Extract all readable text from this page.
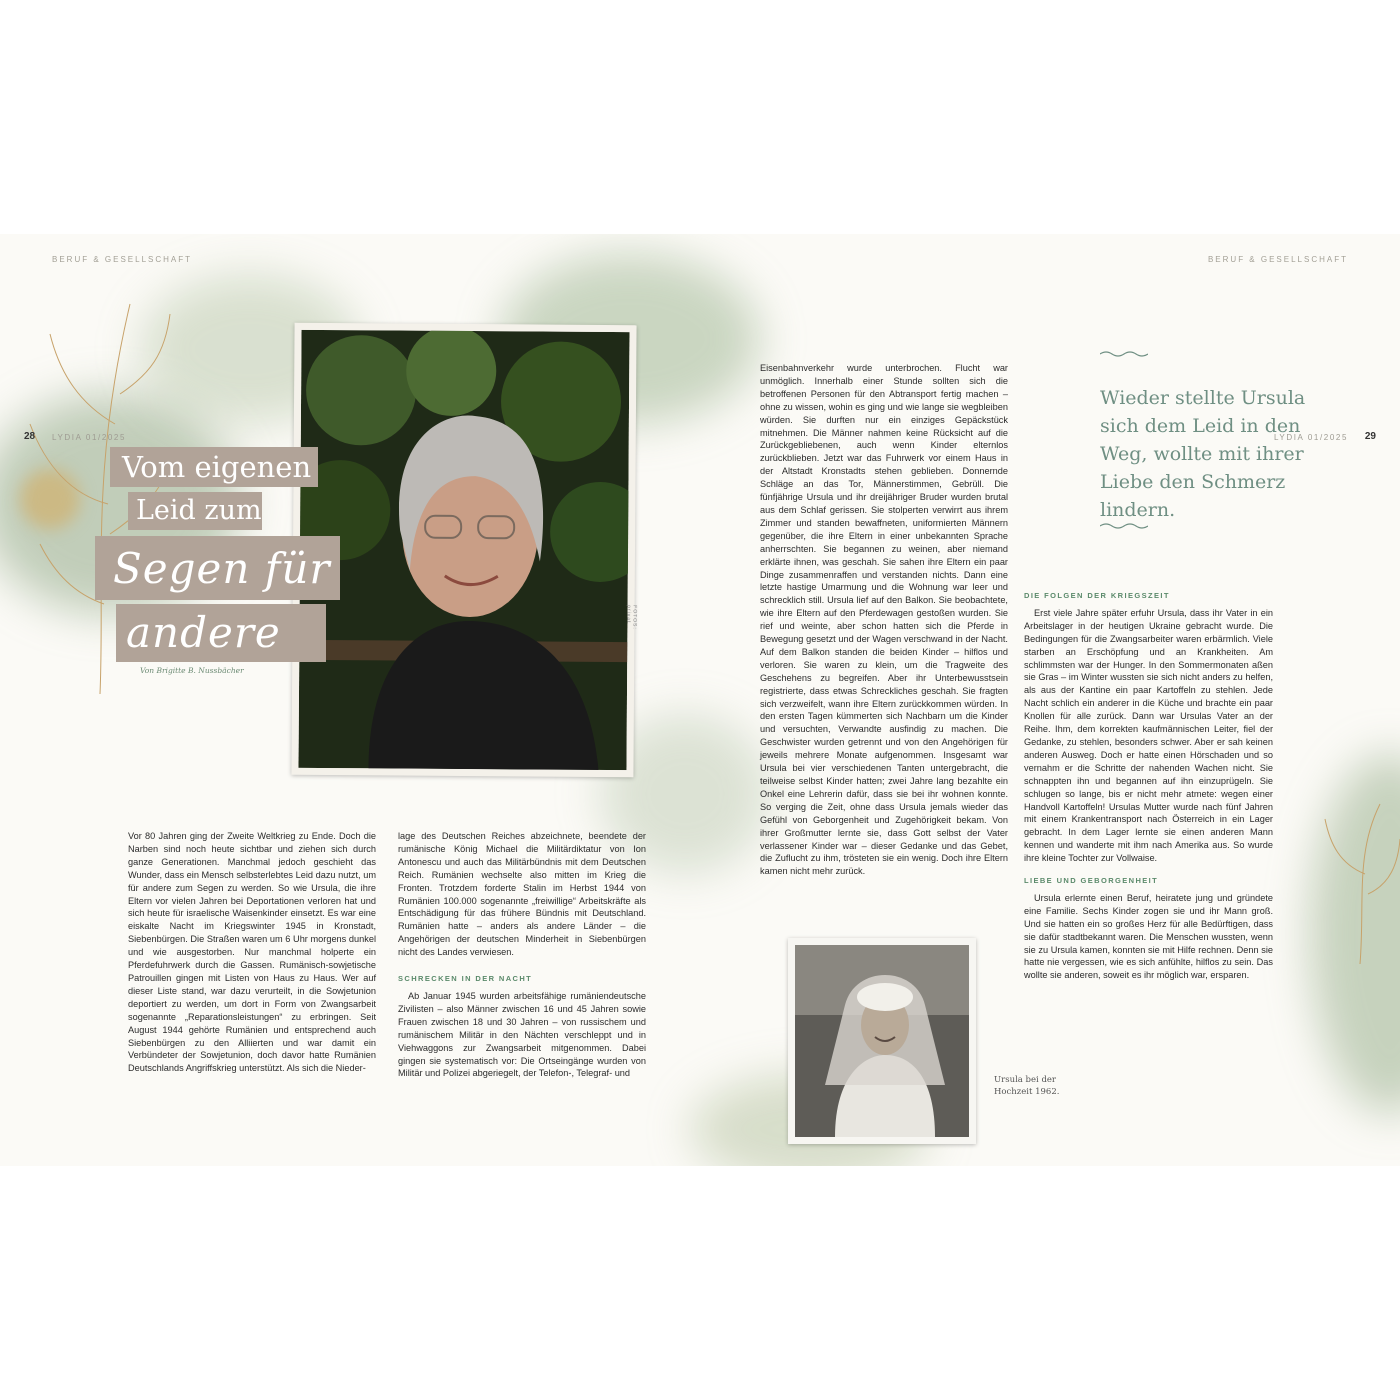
BERUF & GESELLSCHAFT	BERUF & GESELLSCHAFT
FOTOS: privat
Vom eigenen
Leid zum
Segen für
andere
Von Brigitte B. Nussbächer

Vor 80 Jahren ging der Zweite Weltkrieg zu Ende. Doch die Narben sind noch heute sichtbar und ziehen sich durch ganze Generationen. Manchmal jedoch geschieht das Wunder, dass ein Mensch selbsterlebtes Leid dazu nutzt, um für andere zum Segen zu werden. So wie Ursula, die ihre Eltern vor vielen Jahren bei Deportationen verloren hat und sich heute für israelische Waisenkinder einsetzt. Es war eine eiskalte Nacht im Kriegswinter 1945 in Kronstadt, Siebenbürgen. Die Straßen waren um 6 Uhr morgens dunkel und wie ausgestorben. Nur manchmal holperte ein Pferdefuhrwerk durch die Gassen. Rumänisch-sowjetische Patrouillen gingen mit Listen von Haus zu Haus. Wer auf dieser Liste stand, war dazu verurteilt, in die Sowjetunion deportiert zu werden, um dort in Form von Zwangsarbeit sogenannte „Reparationsleistungen“ zu erbringen. Seit August 1944 gehörte Rumänien und entsprechend auch Siebenbürgen zu den Alliierten und war damit ein Verbündeter der Sowjetunion, doch davor hatte Rumänien Deutschlands Angriffskrieg unterstützt. Als sich die Nieder-

lage des Deutschen Reiches abzeichnete, beendete der rumänische König Michael die Militärdiktatur von Ion Antonescu und auch das Militärbündnis mit dem Deutschen Reich. Rumänien wechselte also mitten im Krieg die Fronten. Trotzdem forderte Stalin im Herbst 1944 von Rumänien 100.000 sogenannte „freiwillige“ Arbeitskräfte als Entschädigung für das frühere Bündnis mit Deutschland. Rumänien hatte – anders als andere Länder – die Angehörigen der deutschen Minderheit in Siebenbürgen nicht des Landes verwiesen.

SCHRECKEN IN DER NACHT

Ab Januar 1945 wurden arbeitsfähige rumäniendeutsche Zivilisten – also Männer zwischen 16 und 45 Jahren sowie Frauen zwischen 18 und 30 Jahren – von russischem und rumänischem Militär in den Nächten verschleppt und in Viehwaggons zur Zwangsarbeit mitgenommen. Dabei gingen sie systematisch vor: Die Ortseingänge wurden von Militär und Polizei abgeriegelt, der Telefon-, Telegraf- und

Eisenbahnverkehr wurde unterbrochen. Flucht war unmöglich. Innerhalb einer Stunde sollten sich die betroffenen Personen für den Abtransport fertig machen – ohne zu wissen, wohin es ging und wie lange sie wegbleiben würden. Sie durften nur ein einziges Gepäckstück mitnehmen. Die Männer nahmen keine Rücksicht auf die Zurückgebliebenen, auch wenn Kinder elternlos zurückblieben. Jetzt war das Fuhrwerk vor einem Haus in der Altstadt Kronstadts stehen geblieben. Donnernde Schläge an das Tor, Männerstimmen, Gebrüll. Die fünfjährige Ursula und ihr dreijähriger Bruder wurden brutal aus dem Schlaf gerissen. Sie stolperten verwirrt aus ihrem Zimmer und standen bewaffneten, uniformierten Männern gegenüber, die ihre Eltern in einer unbekannten Sprache anherrschten. Sie begannen zu weinen, aber niemand erklärte ihnen, was geschah. Sie sahen ihre Eltern ein paar Dinge zusammenraffen und verstanden nichts. Dann eine letzte hastige Umarmung und die Wohnung war leer und schrecklich still. Ursula lief auf den Balkon. Sie beobachtete, wie ihre Eltern auf den Pferdewagen gestoßen wurden. Sie rief und weinte, aber schon hatten sich die Pferde in Bewegung gesetzt und der Wagen verschwand in der Nacht. Auf dem Balkon standen die beiden Kinder – hilflos und verloren. Sie waren zu klein, um die Tragweite des Geschehens zu begreifen. Aber ihr Unterbewusstsein registrierte, dass etwas Schreckliches geschah. Sie fragten sich verzweifelt, wann ihre Eltern zurückkommen würden. In den ersten Tagen kümmerten sich Nachbarn um die Kinder und versuchten, Verwandte ausfindig zu machen. Die Geschwister wurden getrennt und von den Angehörigen für jeweils mehrere Monate aufgenommen. Insgesamt war Ursula bei vier verschiedenen Tanten untergebracht, die teilweise selbst Kinder hatten; zwei Jahre lang bezahlte ein Onkel eine Lehrerin dafür, dass sie bei ihr wohnen konnte. So verging die Zeit, ohne dass Ursula jemals wieder das Gefühl von Geborgenheit und Zugehörigkeit bekam. Von ihrer Großmutter lernte sie, dass Gott selbst der Vater verlassener Kinder war – dieser Gedanke und das Gebet, die Zuflucht zu ihm, trösteten sie ein wenig. Doch ihre Eltern kamen nicht mehr zurück.

Wieder stellte Ursula sich dem Leid in den Weg, wollte mit ihrer Liebe den Schmerz lindern.
DIE FOLGEN DER KRIEGSZEIT

Erst viele Jahre später erfuhr Ursula, dass ihr Vater in ein Arbeitslager in der heutigen Ukraine gebracht wurde. Die Bedingungen für die Zwangsarbeiter waren erbärmlich. Viele starben an Erschöpfung und an Krankheiten. Am schlimmsten war der Hunger. In den Sommermonaten aßen sie Gras – im Winter wussten sie sich nicht anders zu helfen, als aus der Kantine ein paar Kartoffeln zu stehlen. Jede Nacht schlich ein anderer in die Küche und brachte ein paar Knollen für alle zurück. Dann war Ursulas Vater an der Reihe. Ihm, dem korrekten kaufmännischen Leiter, fiel der Gedanke, zu stehlen, besonders schwer. Aber er sah keinen anderen Ausweg. Doch er hatte einen Hörschaden und so vernahm er die Schritte der nahenden Wachen nicht. Sie schnappten ihn und begannen auf ihn einzuprügeln. Sie schlugen so lange, bis er nicht mehr atmete: wegen einer Handvoll Kartoffeln! Ursulas Mutter wurde nach fünf Jahren mit einem Krankentransport nach Österreich in ein Lager gebracht. In dem Lager lernte sie einen anderen Mann kennen und wanderte mit ihm nach Amerika aus. So wurde ihre kleine Tochter zur Vollwaise.

LIEBE UND GEBORGENHEIT

Ursula erlernte einen Beruf, heiratete jung und gründete eine Familie. Sechs Kinder zogen sie und ihr Mann groß. Und sie hatten ein so großes Herz für alle Bedürftigen, dass sie dafür stadtbekannt waren. Die Menschen wussten, wenn sie zu Ursula kamen, konnten sie mit Hilfe rechnen. Denn sie hatte nie vergessen, wie es sich anfühlte, hilflos zu sein. Das wollte sie anderen, soweit es ihr möglich war, ersparen.

Ursula bei der Hochzeit 1962.
28 LYDIA 01/2025	LYDIA 01/2025 29
